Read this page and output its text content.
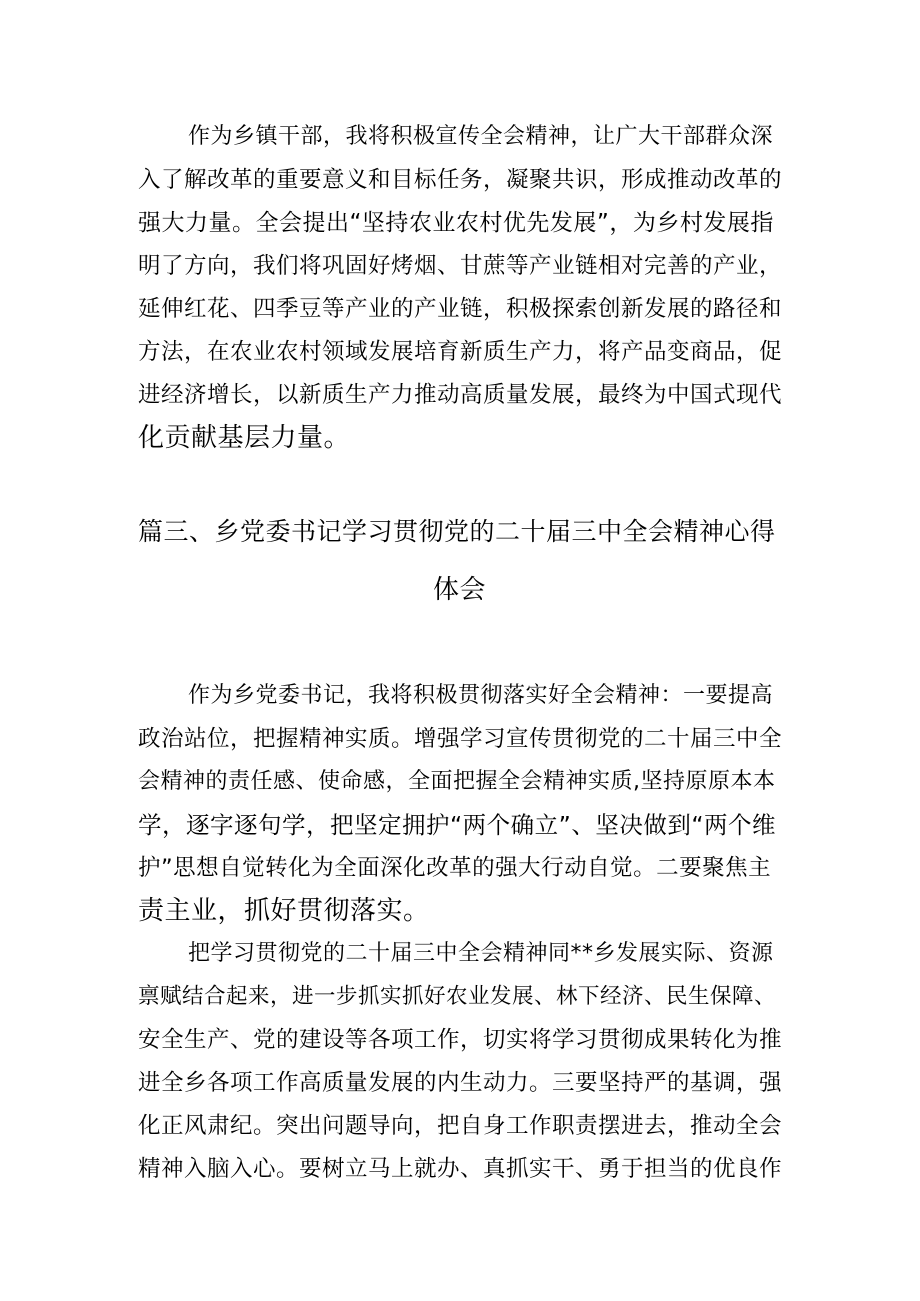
作为乡镇干部，我将积极宣传全会精神，让广大干部群众深
入了解改革的重要意义和目标任务，凝聚共识，形成推动改革的
强大力量。全会提出“坚持农业农村优先发展”，为乡村发展指
明了方向，我们将巩固好烤烟、甘蔗等产业链相对完善的产业，
延伸红花、四季豆等产业的产业链，积极探索创新发展的路径和
方法，在农业农村领域发展培育新质生产力，将产品变商品，促
进经济增长，以新质生产力推动高质量发展，最终为中国式现代
化贡献基层力量。
篇三、乡党委书记学习贯彻党的二十届三中全会精神心得
体会
作为乡党委书记，我将积极贯彻落实好全会精神：一要提高
政治站位，把握精神实质。增强学习宣传贯彻党的二十届三中全
会精神的责任感、使命感，全面把握全会精神实质,坚持原原本本
学，逐字逐句学，把坚定拥护“两个确立”、坚决做到“两个维
护”思想自觉转化为全面深化改革的强大行动自觉。二要聚焦主
责主业，抓好贯彻落实。
把学习贯彻党的二十届三中全会精神同**乡发展实际、资源
禀赋结合起来，进一步抓实抓好农业发展、林下经济、民生保障、
安全生产、党的建设等各项工作，切实将学习贯彻成果转化为推
进全乡各项工作高质量发展的内生动力。三要坚持严的基调，强
化正风肃纪。突出问题导向，把自身工作职责摆进去，推动全会
精神入脑入心。要树立马上就办、真抓实干、勇于担当的优良作
